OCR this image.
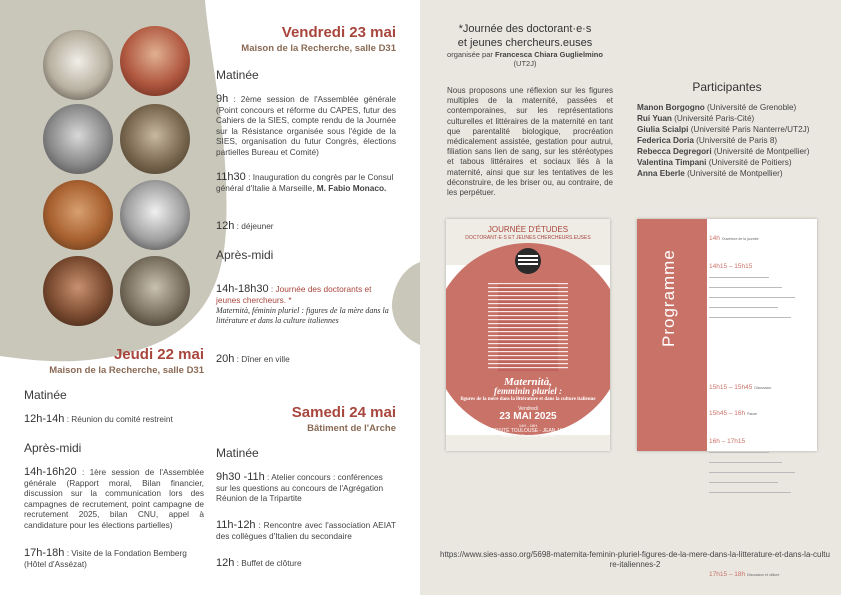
Vendredi 23 mai
Maison de la Recherche, salle D31
Matinée
9h : 2ème session de l'Assemblée générale (Point concours et réforme du CAPES, futur des Cahiers de la SIES, compte rendu de la Journée sur la Résistance organisée sous l'égide de la SIES, organisation du futur Congrès, élections partielles Bureau et Comité)
11h30 : Inauguration du congrès par le Consul général d'Italie à Marseille, M. Fabio Monaco.
12h : déjeuner
Après-midi
14h-18h30 : Journée des doctorants et jeunes chercheurs. *
Maternità, féminin pluriel : figures de la mère dans la littérature et dans la culture italiennes
20h : Dîner en ville
Jeudi 22 mai
Maison de la Recherche, salle D31
Matinée
12h-14h : Réunion du comité restreint
Après-midi
14h-16h20 : 1ère session de l'Assemblée générale (Rapport moral, Bilan financier, discussion sur la communication lors des campagnes de recrutement, point campagne de recrutement 2025, bilan CNU, appel à candidature pour les élections partielles)
17h-18h : Visite de la Fondation Bemberg (Hôtel d'Assézat)
Samedi 24 mai
Bâtiment de l'Arche
Matinée
9h30 -11h : Atelier concours : conférences sur les questions au concours de l'Agrégation Réunion de la Tripartite
11h-12h : Rencontre avec l'association AEIAT des collègues d'Italien du secondaire
12h : Buffet de clôture
*Journée des doctorant·e·s
et jeunes chercheurs.euses
organisée par Francesca Chiara Guglielmino
(UT2J)
Nous proposons une réflexion sur les figures multiples de la maternité, passées et contemporaines, sur les représentations culturelles et littéraires de la maternité en tant que parentalité biologique, procréation médicalement assistée, gestation pour autrui, filiation sans lien de sang, sur les stéréotypes et tabous littéraires et sociaux liés à la maternité, ainsi que sur les tentatives de les déconstruire, de les briser ou, au contraire, de les perpétuer.
Participantes
Manon Borgogno (Université de Grenoble)
Rui Yuan (Université Paris-Cité)
Giulia Scialpi (Université Paris Nanterre/UT2J)
Federica Doria (Université de Paris 8)
Rebecca Degregori (Université de Montpellier)
Valentina Timpani (Université de Poitiers)
Anna Eberle (Université de Montpellier)
JOURNÉE D'ÉTUDES
DOCTORANT·E·S ET JEUNES CHERCHEURS.EUSES
Maternità,
femminin pluriel :
figures de la mère dans la littérature et dans la culture italienne
Vendredi
23 MAI 2025
14H - 18H
UNIVERSITÉ TOULOUSE - JEAN JAURÈS
Maison de la Recherche, salle D31
Programme
14h Ouverture de la journée
14h15 – 15h15
15h15 – 15h45 Discussion
15h45 – 16h Pause
16h – 17h15
17h15 – 18h Discussion et clôture
https://www.sies-asso.org/5698-maternita-feminin-pluriel-figures-de-la-mere-dans-la-litterature-et-dans-la-culture-italiennes-2
